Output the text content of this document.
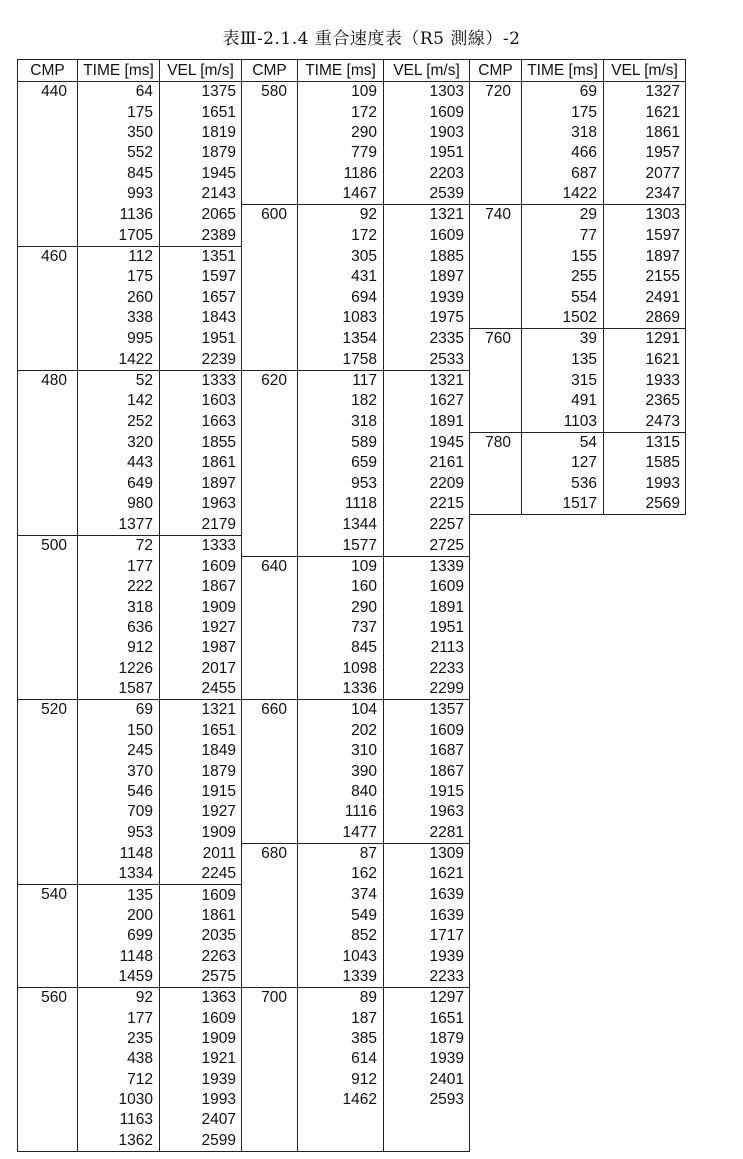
表Ⅲ-2.1.4 重合速度表（R5 測線）-2
CMP	TIME [ms]	VEL [m/s]	CMP	TIME [ms]	VEL [m/s]	CMP	TIME [ms]	VEL [m/s]
440	64	1375	580	109	1303	720	69	1327
	175	1651		172	1609		175	1621
	350	1819		290	1903		318	1861
	552	1879		779	1951		466	1957
	845	1945		1186	2203		687	2077
	993	2143		1467	2539		1422	2347
	1136	2065	600	92	1321	740	29	1303
	1705	2389		172	1609		77	1597
460	112	1351		305	1885		155	1897
	175	1597		431	1897		255	2155
	260	1657		694	1939		554	2491
	338	1843		1083	1975		1502	2869
	995	1951		1354	2335	760	39	1291
	1422	2239		1758	2533		135	1621
480	52	1333	620	117	1321		315	1933
	142	1603		182	1627		491	2365
	252	1663		318	1891		1103	2473
	320	1855		589	1945	780	54	1315
	443	1861		659	2161		127	1585
	649	1897		953	2209		536	1993
	980	1963		1118	2215		1517	2569
	1377	2179		1344	2257			
500	72	1333		1577	2725			
	177	1609	640	109	1339			
	222	1867		160	1609			
	318	1909		290	1891			
	636	1927		737	1951			
	912	1987		845	2113			
	1226	2017		1098	2233			
	1587	2455		1336	2299			
520	69	1321	660	104	1357			
	150	1651		202	1609			
	245	1849		310	1687			
	370	1879		390	1867			
	546	1915		840	1915			
	709	1927		1116	1963			
	953	1909		1477	2281			
	1148	2011	680	87	1309			
	1334	2245		162	1621			
540	135	1609		374	1639			
	200	1861		549	1639			
	699	2035		852	1717			
	1148	2263		1043	1939			
	1459	2575		1339	2233			
560	92	1363	700	89	1297			
	177	1609		187	1651			
	235	1909		385	1879			
	438	1921		614	1939			
	712	1939		912	2401			
	1030	1993		1462	2593			
	1163	2407						
	1362	2599						
